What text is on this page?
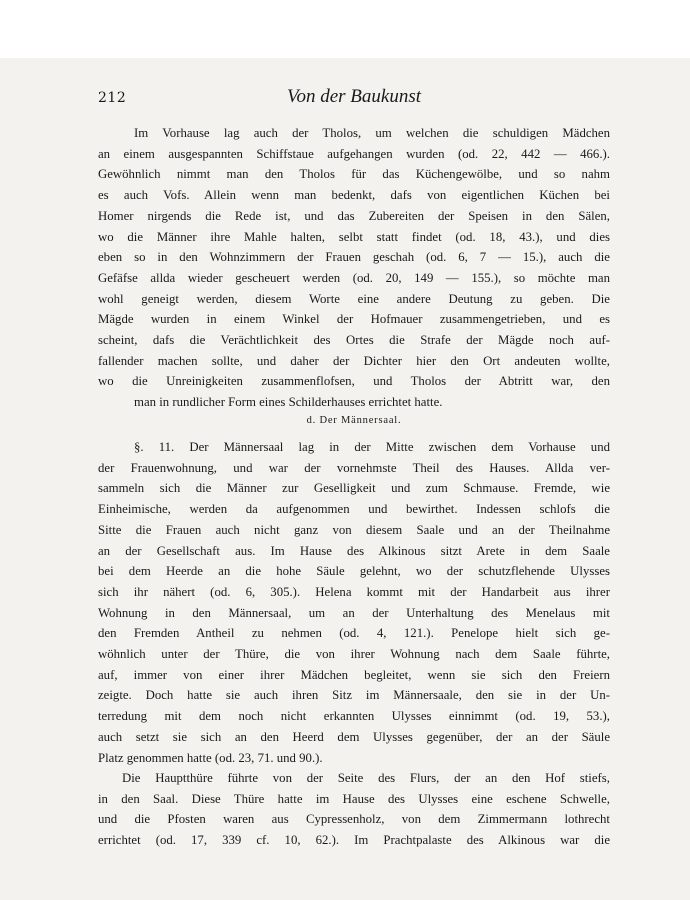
212	Von der Baukunst
Im Vorhause lag auch der Tholos, um welchen die schuldigen Mädchen
an einem ausgespannten Schiffstaue aufgehangen wurden (od. 22, 442 — 466.).
Gewöhnlich nimmt man den Tholos für das Küchengewölbe, und so nahm
es auch Vofs. Allein wenn man bedenkt, dafs von eigentlichen Küchen bei
Homer nirgends die Rede ist, und das Zubereiten der Speisen in den Sälen,
wo die Männer ihre Mahle halten, selbt statt findet (od. 18, 43.), und dies
eben so in den Wohnzimmern der Frauen geschah (od. 6, 7 — 15.), auch die
Gefäfse allda wieder gescheuert werden (od. 20, 149 — 155.), so möchte man
wohl geneigt werden, diesem Worte eine andere Deutung zu geben. Die
Mägde wurden in einem Winkel der Hofmauer zusammengetrieben, und es
scheint, dafs die Verächtlichkeit des Ortes die Strafe der Mägde noch auf-
fallender machen sollte, und daher der Dichter hier den Ort andeuten wollte,
wo die Unreinigkeiten zusammenflofsen, und Tholos der Abtritt war, den
man in rundlicher Form eines Schilderhauses errichtet hatte.
d. Der Männersaal.
§. 11. Der Männersaal lag in der Mitte zwischen dem Vorhause und
der Frauenwohnung, und war der vornehmste Theil des Hauses. Allda ver-
sammeln sich die Männer zur Geselligkeit und zum Schmause. Fremde, wie
Einheimische, werden da aufgenommen und bewirthet. Indessen schlofs die
Sitte die Frauen auch nicht ganz von diesem Saale und an der Theilnahme
an der Gesellschaft aus. Im Hause des Alkinous sitzt Arete in dem Saale
bei dem Heerde an die hohe Säule gelehnt, wo der schutzflehende Ulysses
sich ihr nähert (od. 6, 305.). Helena kommt mit der Handarbeit aus ihrer
Wohnung in den Männersaal, um an der Unterhaltung des Menelaus mit
den Fremden Antheil zu nehmen (od. 4, 121.). Penelope hielt sich ge-
wöhnlich unter der Thüre, die von ihrer Wohnung nach dem Saale führte,
auf, immer von einer ihrer Mädchen begleitet, wenn sie sich den Freiern
zeigte. Doch hatte sie auch ihren Sitz im Männersaale, den sie in der Un-
terredung mit dem noch nicht erkannten Ulysses einnimmt (od. 19, 53.),
auch setzt sie sich an den Heerd dem Ulysses gegenüber, der an der Säule
Platz genommen hatte (od. 23, 71. und 90.).
Die Hauptthüre führte von der Seite des Flurs, der an den Hof stiefs,
in den Saal. Diese Thüre hatte im Hause des Ulysses eine eschene Schwelle,
und die Pfosten waren aus Cypressenholz, von dem Zimmermann lothrecht
errichtet (od. 17, 339 cf. 10, 62.). Im Prachtpalaste des Alkinous war die
